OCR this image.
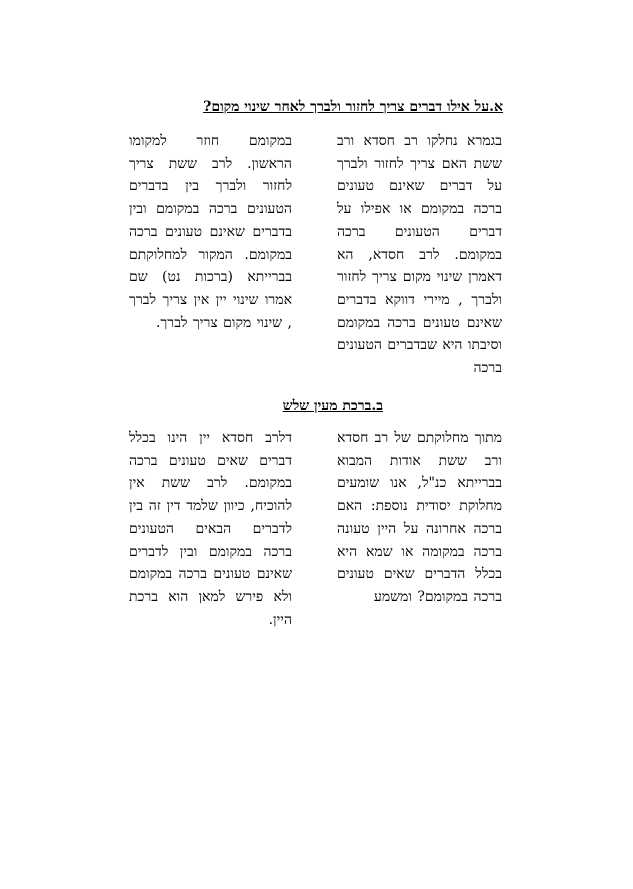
א.על אילו דברים צריך לחזור ולברך לאחר שינוי מקום?
בגמרא נחלקו רב חסדא ורב ששת האם צריך לחזור ולברך על דברים שאינם טעונים ברכה במקומם או אפילו על דברים הטעונים ברכה במקומם. לרב חסדא, הא דאמרן שינוי מקום צריך לחזור ולברך , מיירי דווקא בדברים שאינם טעונים ברכה במקומם וסיבתו היא שבדברים הטעונים ברכה
במקומם חוזר למקומו הראשון. לרב ששת צריך לחזור ולברך בין בדברים הטעונים ברכה במקומם ובין בדברים שאינם טעונים ברכה במקומם. המקור למחלוקתם בברייתא (ברכות נט) שם אמרו שינוי יין אין צריך לברך , שינוי מקום צריך לברך.
ב.ברכת מעין שלש
מתוך מחלוקתם של רב חסדא ורב ששת אודות המבוא בברייתא כנ"ל, אנו שומעים מחלוקת יסודית נוספת: האם ברכה אחרונה על היין טעונה ברכה במקומה או שמא היא בכלל הדברים שאים טעונים ברכה במקומם? ומשמע
דלרב חסדא יין הינו בכלל דברים שאים טעונים ברכה במקומם. לרב ששת אין להוכיח, כיוון שלמד דין זה בין לדברים הבאים הטעונים ברכה במקומם ובין לדברים שאינם טעונים ברכה במקומם ולא פירש למאן הוא ברכת היין.
